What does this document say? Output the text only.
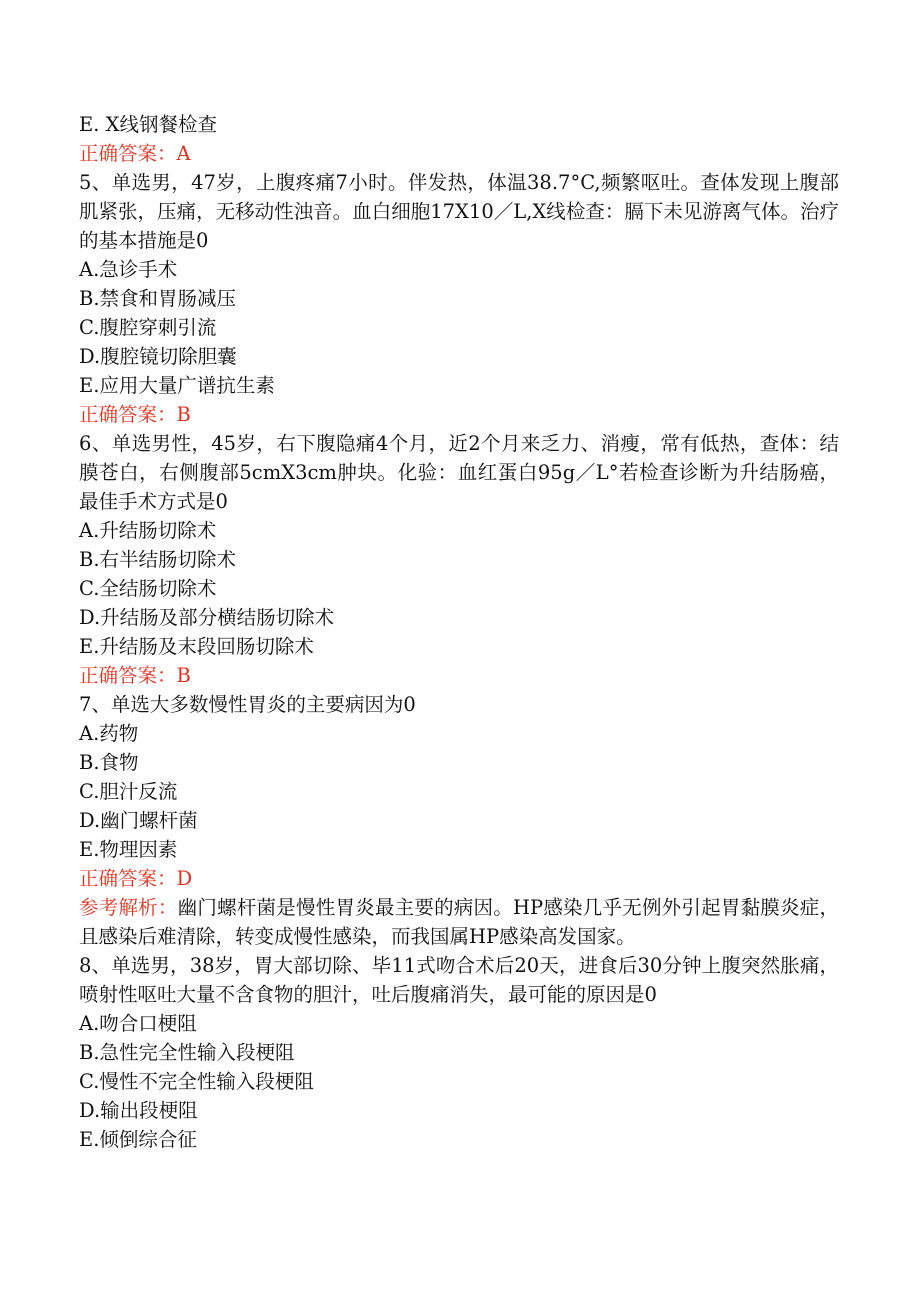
E. X线钢餐检查

正确答案：A

5、单选男，47岁，上腹疼痛7小时。伴发热，体温38.7°C,频繁呕吐。查体发现上腹部肌紧张，压痛，无移动性浊音。血白细胞17X10／L,X线检查：膈下未见游离气体。治疗的基本措施是0

A.急诊手术

B.禁食和胃肠减压

C.腹腔穿刺引流

D.腹腔镜切除胆囊

E.应用大量广谱抗生素

正确答案：B

6、单选男性，45岁，右下腹隐痛4个月，近2个月来乏力、消瘦，常有低热，查体：结膜苍白，右侧腹部5cmX3cm肿块。化验：血红蛋白95g／L°若检查诊断为升结肠癌，最佳手术方式是0

A.升结肠切除术

B.右半结肠切除术

C.全结肠切除术

D.升结肠及部分横结肠切除术

E.升结肠及末段回肠切除术

正确答案：B

7、单选大多数慢性胃炎的主要病因为0

A.药物

B.食物

C.胆汁反流

D.幽门螺杆菌

E.物理因素

正确答案：D

参考解析：幽门螺杆菌是慢性胃炎最主要的病因。HP感染几乎无例外引起胃黏膜炎症，且感染后难清除，转变成慢性感染，而我国属HP感染高发国家。

8、单选男，38岁，胃大部切除、毕11式吻合术后20天，进食后30分钟上腹突然胀痛，喷射性呕吐大量不含食物的胆汁，吐后腹痛消失，最可能的原因是0

A.吻合口梗阻

B.急性完全性输入段梗阻

C.慢性不完全性输入段梗阻

D.输出段梗阻

E.倾倒综合征
